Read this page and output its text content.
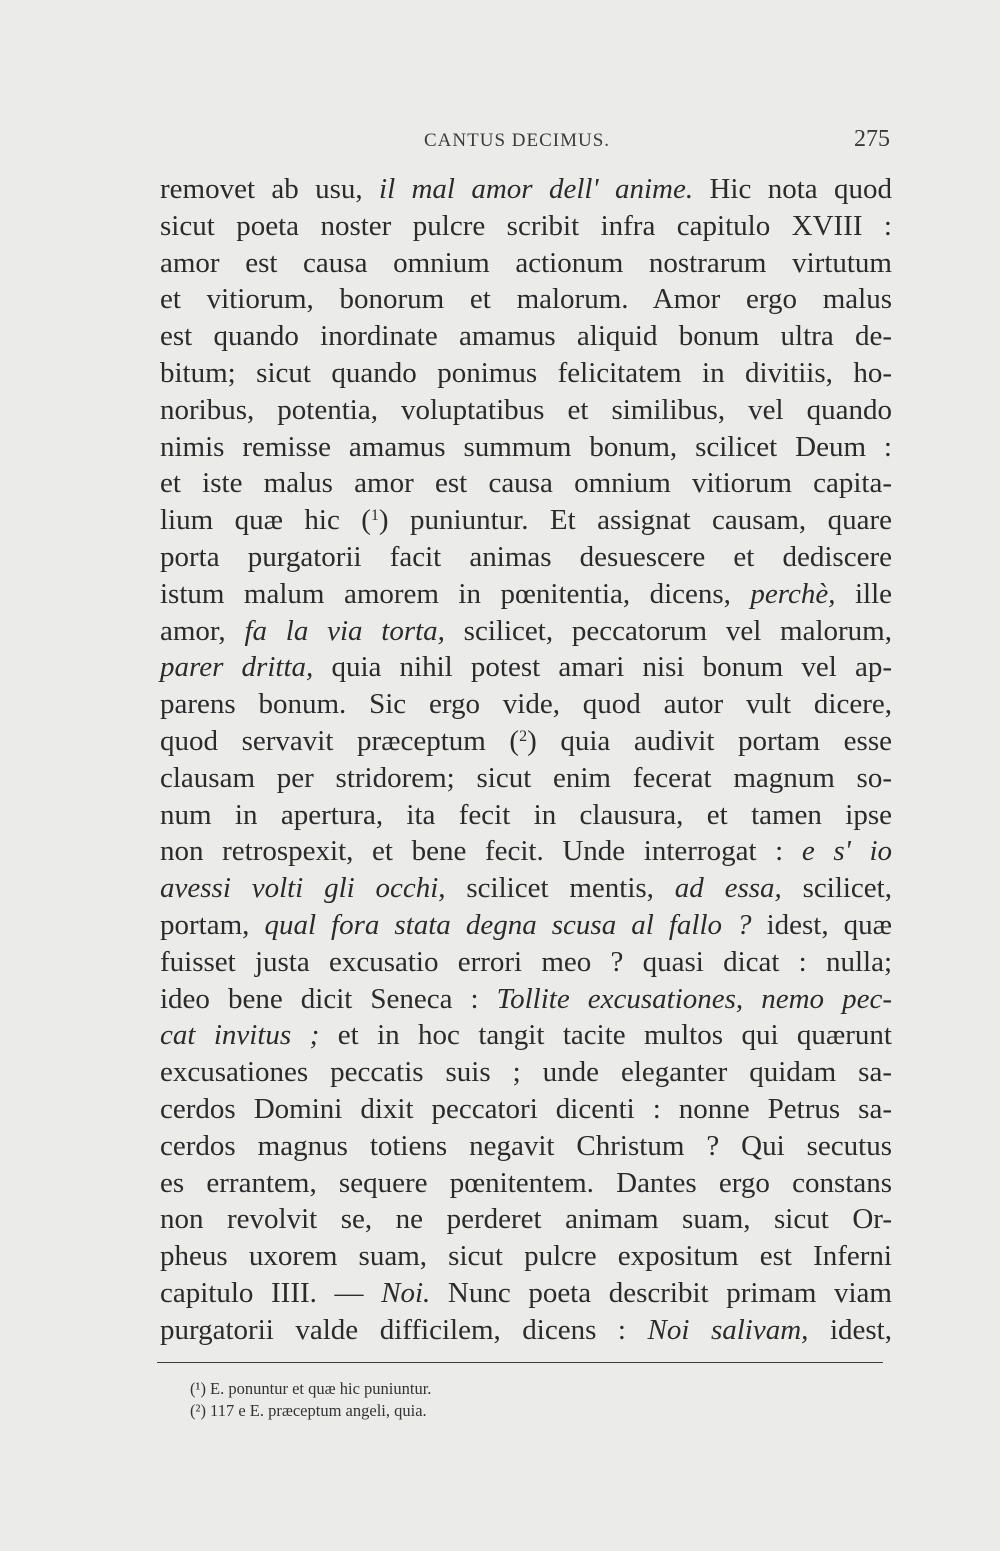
CANTUS DECIMUS.	275
removet ab usu, il mal amor dell' anime. Hic nota quod
sicut poeta noster pulcre scribit infra capitulo XVIII :
amor est causa omnium actionum nostrarum virtutum
et vitiorum, bonorum et malorum. Amor ergo malus
est quando inordinate amamus aliquid bonum ultra de-
bitum; sicut quando ponimus felicitatem in divitiis, ho-
noribus, potentia, voluptatibus et similibus, vel quando
nimis remisse amamus summum bonum, scilicet Deum :
et iste malus amor est causa omnium vitiorum capita-
lium quæ hic ($^1$) puniuntur. Et assignat causam, quare
porta purgatorii facit animas desuescere et dediscere
istum malum amorem in pœnitentia, dicens, perchè, ille
amor, fa la via torta, scilicet, peccatorum vel malorum,
parer dritta, quia nihil potest amari nisi bonum vel ap-
parens bonum. Sic ergo vide, quod autor vult dicere,
quod servavit præceptum ($^2$) quia audivit portam esse
clausam per stridorem; sicut enim fecerat magnum so-
num in apertura, ita fecit in clausura, et tamen ipse
non retrospexit, et bene fecit. Unde interrogat : e s' io
avessi volti gli occhi, scilicet mentis, ad essa, scilicet,
portam, qual fora stata degna scusa al fallo ? idest, quæ
fuisset justa excusatio errori meo ? quasi dicat : nulla;
ideo bene dicit Seneca : Tollite excusationes, nemo pec-
cat invitus ; et in hoc tangit tacite multos qui quærunt
excusationes peccatis suis ; unde eleganter quidam sa-
cerdos Domini dixit peccatori dicenti : nonne Petrus sa-
cerdos magnus totiens negavit Christum ? Qui secutus
es errantem, sequere pœnitentem. Dantes ergo constans
non revolvit se, ne perderet animam suam, sicut Or-
pheus uxorem suam, sicut pulcre expositum est Inferni
capitulo IIII. — Noi. Nunc poeta describit primam viam
purgatorii valde difficilem, dicens : Noi salivam, idest,
(¹) E. ponuntur et quæ hic puniuntur.
(²) 117 e E. præceptum angeli, quia.
